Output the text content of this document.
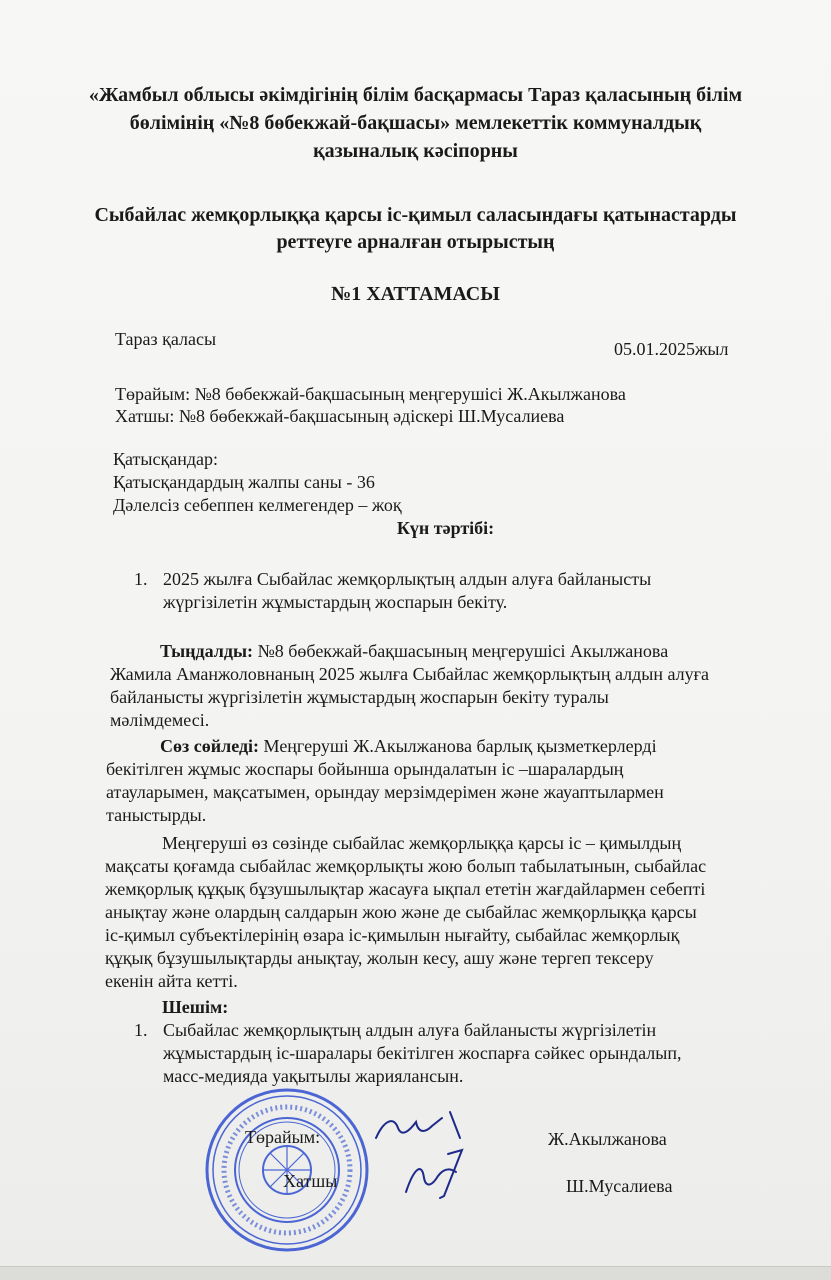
«Жамбыл облысы әкімдігінің білім басқармасы Тараз қаласының білім

бөлімінің «№8 бөбекжай-бақшасы» мемлекеттік коммуналдық

қазыналық кәсіпорны

Сыбайлас жемқорлыққа қарсы іс-қимыл саласындағы қатынастарды

реттеуге арналған отырыстың

№1 ХАТТАМАСЫ

Тараз қаласы	05.01.2025жыл

Төрайым: №8 бөбекжай-бақшасының меңгерушісі Ж.Акылжанова

Хатшы: №8 бөбекжай-бақшасының әдіскері Ш.Мусалиева

Қатысқандар:

Қатысқандардың жалпы саны - 36

Дәлелсіз себеппен келмегендер – жоқ

Күн тәртібі:

1. 2025 жылға Сыбайлас жемқорлықтың алдын алуға байланысты

жүргізілетін жұмыстардың жоспарын бекіту.

Тыңдалды: №8 бөбекжай-бақшасының меңгерушісі Акылжанова

Жамила Аманжоловнаның 2025 жылға Сыбайлас жемқорлықтың алдын алуға

байланысты жүргізілетін жұмыстардың жоспарын бекіту туралы

мәлімдемесі.

Сөз сөйледі: Меңгеруші Ж.Акылжанова барлық қызметкерлерді

бекітілген жұмыс жоспары бойынша орындалатын іс –шаралардың

атауларымен, мақсатымен, орындау мерзімдерімен және жауаптылармен

таныстырды.

Меңгеруші өз сөзінде сыбайлас жемқорлыққа қарсы іс – қимылдың

мақсаты қоғамда сыбайлас жемқорлықты жою болып табылатынын, сыбайлас

жемқорлық құқық бұзушылықтар жасауға ықпал ететін жағдайлармен себепті

анықтау және олардың салдарын жою және де сыбайлас жемқорлыққа қарсы

іс-қимыл субъектілерінің өзара іс-қимылын нығайту, сыбайлас жемқорлық

құқық бұзушылықтарды анықтау, жолын кесу, ашу және тергеп тексеру

екенін айта кетті.

Шешім:

1. Сыбайлас жемқорлықтың алдын алуға байланысты жүргізілетін

жұмыстардың іс-шаралары бекітілген жоспарға сәйкес орындалып,

масс-медияда уақытылы жарияланcын.

Төрайым:	Ж.Акылжанова

Хатшы	Ш.Мусалиева
